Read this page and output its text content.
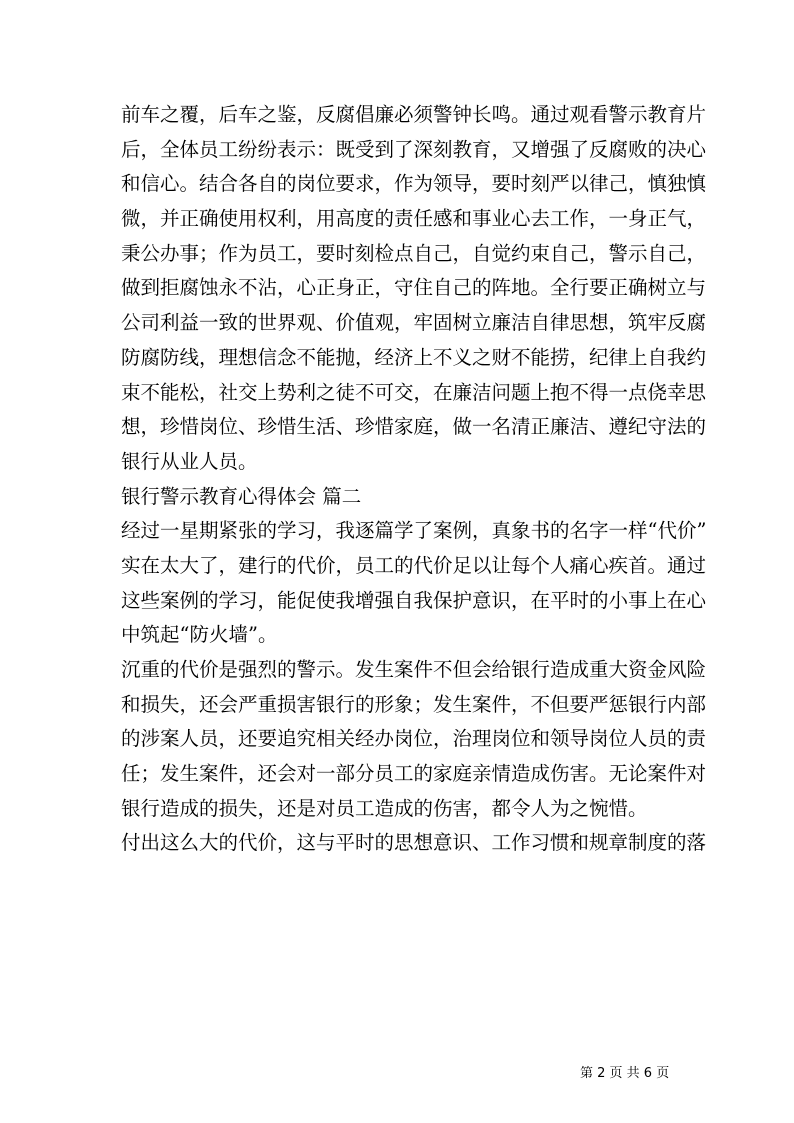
前车之覆，后车之鉴，反腐倡廉必须警钟长鸣。通过观看警示教育片
后，全体员工纷纷表示：既受到了深刻教育，又增强了反腐败的决心
和信心。结合各自的岗位要求，作为领导，要时刻严以律己，慎独慎
微，并正确使用权利，用高度的责任感和事业心去工作，一身正气，
秉公办事；作为员工，要时刻检点自己，自觉约束自己，警示自己，
做到拒腐蚀永不沾，心正身正，守住自己的阵地。全行要正确树立与
公司利益一致的世界观、价值观，牢固树立廉洁自律思想，筑牢反腐
防腐防线，理想信念不能抛，经济上不义之财不能捞，纪律上自我约
束不能松，社交上势利之徒不可交，在廉洁问题上抱不得一点侥幸思
想，珍惜岗位、珍惜生活、珍惜家庭，做一名清正廉洁、遵纪守法的
银行从业人员。
银行警示教育心得体会 篇二
经过一星期紧张的学习，我逐篇学了案例，真象书的名字一样“代价”
实在太大了，建行的代价，员工的代价足以让每个人痛心疾首。通过
这些案例的学习，能促使我增强自我保护意识，在平时的小事上在心
中筑起“防火墙”。
沉重的代价是强烈的警示。发生案件不但会给银行造成重大资金风险
和损失，还会严重损害银行的形象；发生案件，不但要严惩银行内部
的涉案人员，还要追究相关经办岗位，治理岗位和领导岗位人员的责
任；发生案件，还会对一部分员工的家庭亲情造成伤害。无论案件对
银行造成的损失，还是对员工造成的伤害，都令人为之惋惜。
付出这么大的代价，这与平时的思想意识、工作习惯和规章制度的落
第 2 页 共 6 页
